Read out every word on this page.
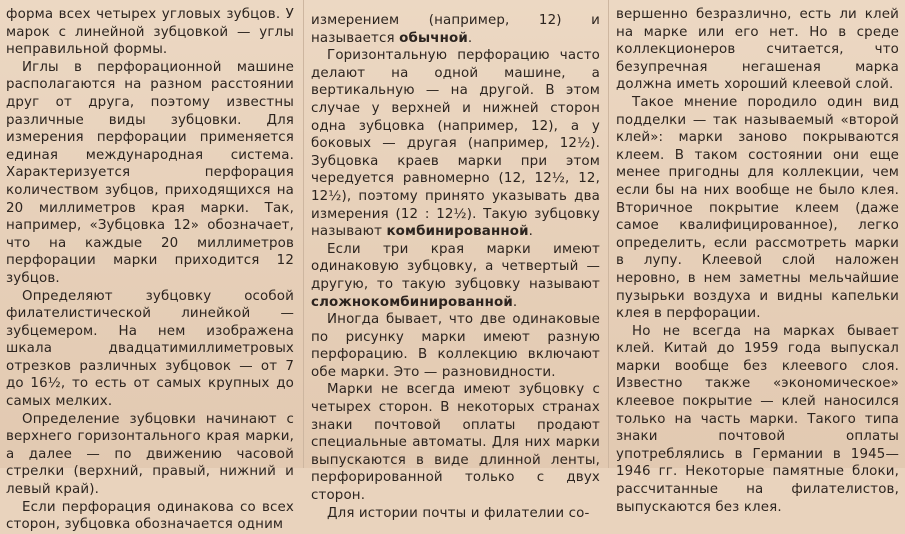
форма всех четырех угловых зубцов. У марок с линейной зубцовкой — углы неправильной формы.

Иглы в перфорационной машине располагаются на разном расстоянии друг от друга, поэтому известны различные виды зубцовки. Для измерения перфорации применяется единая международная система. Характеризуется перфорация количеством зубцов, приходящихся на 20 миллиметров края марки. Так, например, «Зубцовка 12» обозначает, что на каждые 20 миллиметров перфорации марки приходится 12 зубцов.

Определяют зубцовку особой филателистической линейкой — зубцемером. На нем изображена шкала двадцатимиллиметровых отрезков различных зубцовок — от 7 до 16½, то есть от самых крупных до самых мелких.

Определение зубцовки начинают с верхнего горизонтального края марки, а далее — по движению часовой стрелки (верхний, правый, нижний и левый край).

Если перфорация одинакова со всех сторон, зубцовка обозначается одним

измерением (например, 12) и называется обычной.

Горизонтальную перфорацию часто делают на одной машине, а вертикальную — на другой. В этом случае у верхней и нижней сторон одна зубцовка (например, 12), а у боковых — другая (например, 12½). Зубцовка краев марки при этом чередуется равномерно (12, 12½, 12, 12½), поэтому принято указывать два измерения (12 : 12½). Такую зубцовку называют комбинированной.

Если три края марки имеют одинаковую зубцовку, а четвертый — другую, то такую зубцовку называют сложнокомбинированной.

Иногда бывает, что две одинаковые по рисунку марки имеют разную перфорацию. В коллекцию включают обе марки. Это — разновидности.

Марки не всегда имеют зубцовку с четырех сторон. В некоторых странах знаки почтовой оплаты продают специальные автоматы. Для них марки выпускаются в виде длинной ленты, перфорированной только с двух сторон.

Для истории почты и филателии со-

вершенно безразлично, есть ли клей на марке или его нет. Но в среде коллекционеров считается, что безупречная негашеная марка должна иметь хороший клеевой слой.

Такое мнение породило один вид подделки — так называемый «второй клей»: марки заново покрываются клеем. В таком состоянии они еще менее пригодны для коллекции, чем если бы на них вообще не было клея. Вторичное покрытие клеем (даже самое квалифицированное), легко определить, если рассмотреть марки в лупу. Клеевой слой наложен неровно, в нем заметны мельчайшие пузырьки воздуха и видны капельки клея в перфорации.

Но не всегда на марках бывает клей. Китай до 1959 года выпускал марки вообще без клеевого слоя. Известно также «экономическое» клеевое покрытие — клей наносился только на часть марки. Такого типа знаки почтовой оплаты употреблялись в Германии в 1945—1946 гг. Некоторые памятные блоки, рассчитанные на филателистов, выпускаются без клея.
